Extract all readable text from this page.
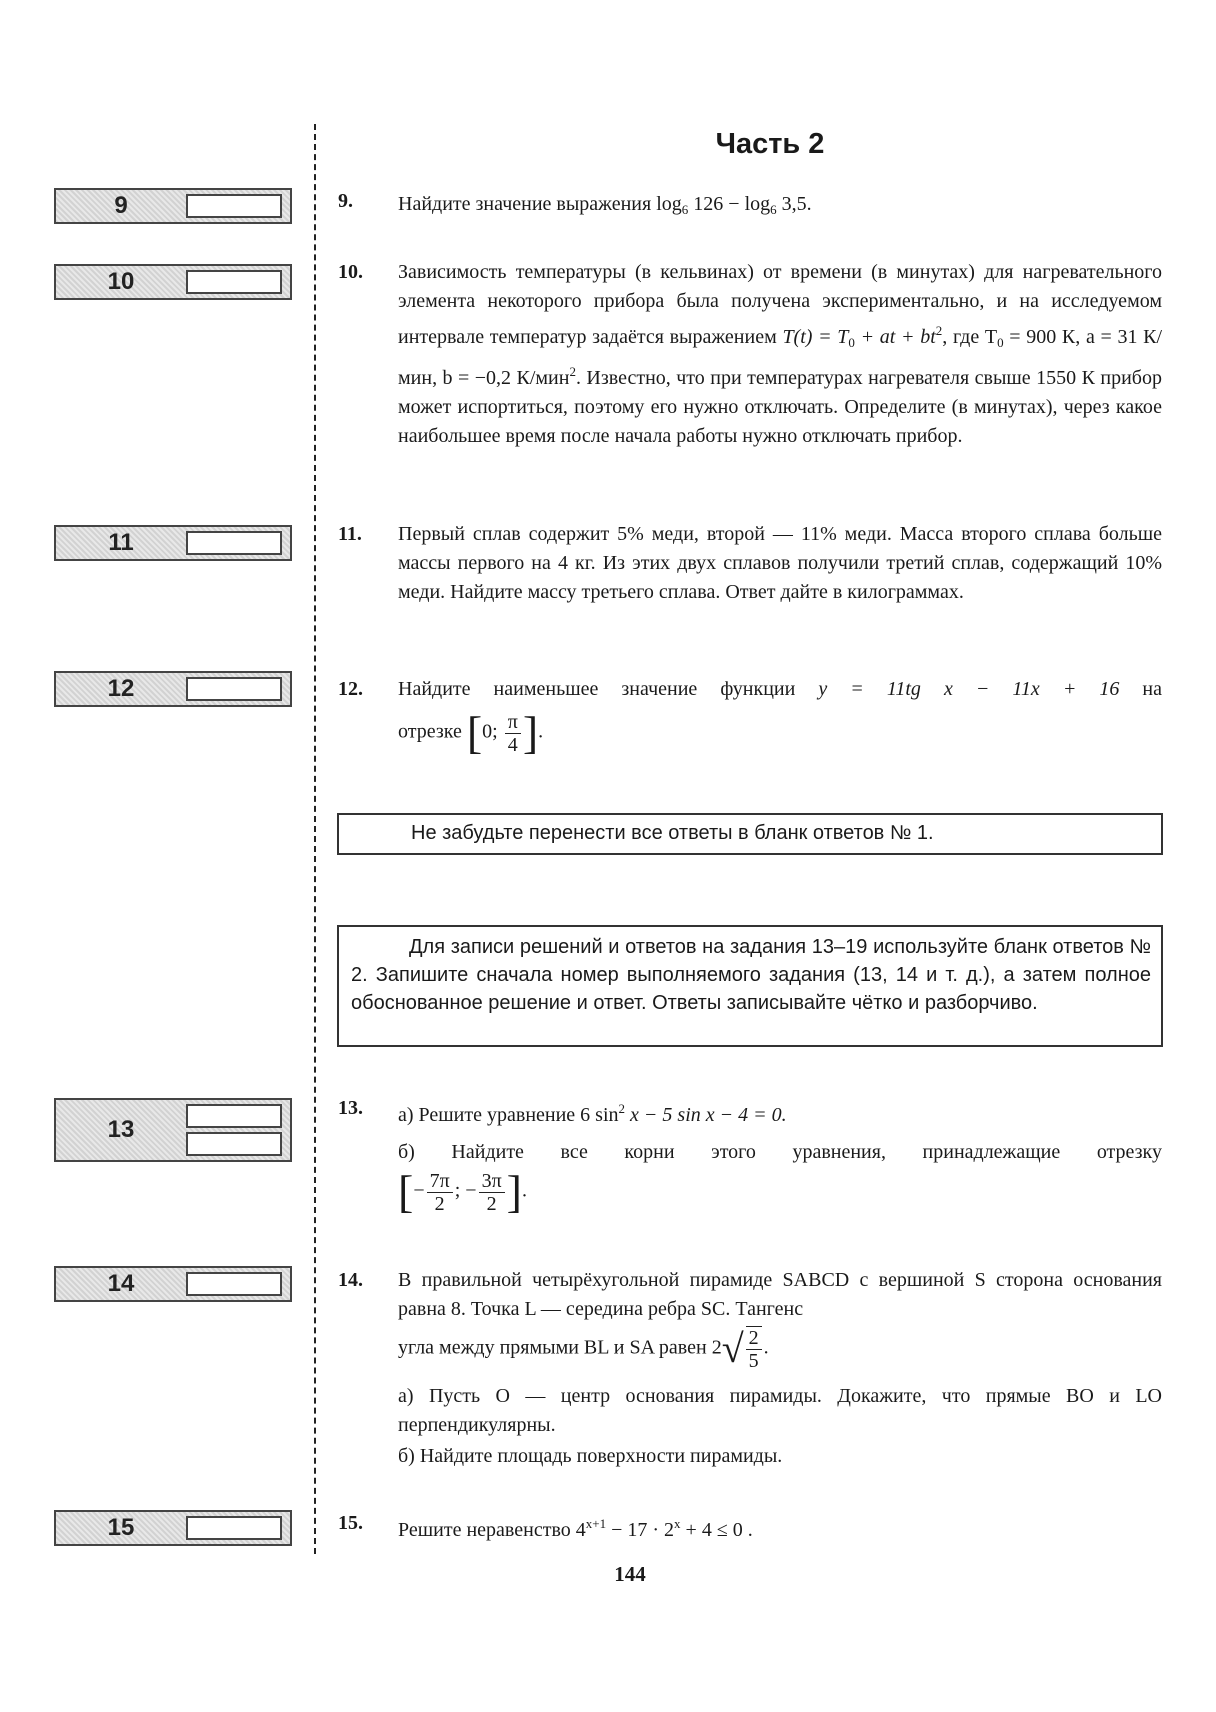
Часть 2
9
10
11
12
13
14
15
9. Найдите значение выражения $\log_6 126 - \log_6 3,5$.
10. Зависимость температуры (в кельвинах) от времени (в минутах) для нагревательного элемента некоторого прибора была получена экспериментально, и на исследуемом интервале температур задаётся выражением $T(t) = T_0$ + at + $bt^2$, где $T_0 = 900$ К, a = 31 К/мин, b = −0,2 К/мин$^2$. Известно, что при температурах нагревателя свыше 1550 К прибор может испортиться, поэтому его нужно отключать. Определите (в минутах), через какое наибольшее время после начала работы нужно отключать прибор.
11. Первый сплав содержит 5% меди, второй — 11% меди. Масса второго сплава больше массы первого на 4 кг. Из этих двух сплавов получили третий сплав, содержащий 10% меди. Найдите массу третьего сплава. Ответ дайте в килограммах.
12. Найдите наименьшее значение функции y = 11tg x − 11x + 16 на

отрезке [0; $\frac{\pi}{4}$ ].

Не забудьте перенести все ответы в бланк ответов № 1.
Для записи решений и ответов на задания 13–19 используйте бланк ответов № 2. Запишите сначала номер выполняемого задания (13, 14 и т. д.), а затем полное обоснованное решение и ответ. Ответы записывайте чётко и разборчиво.
13. а) Решите уравнение 6 $\sin^2 x - 5$ sin x − 4 = 0.

б) Найдите все корни этого уравнения, принадлежащие отрезку

[− $\frac{7\pi}{2}$ ; − $\frac{3\pi}{2}$ ].

14. В правильной четырёхугольной пирамиде SABCD с вершиной S сторона основания равна 8. Точка L — середина ребра SC. Тангенс

угла между прямыми BL и SA равен $2√ \frac{2}{5}$ .

а) Пусть O — центр основания пирамиды. Докажите, что прямые BO и LO перпендикулярны.

б) Найдите площадь поверхности пирамиды.

15. Решите неравенство $4^{x+1} - 17 \cdot 2^x + 4 \le 0$ .
144
